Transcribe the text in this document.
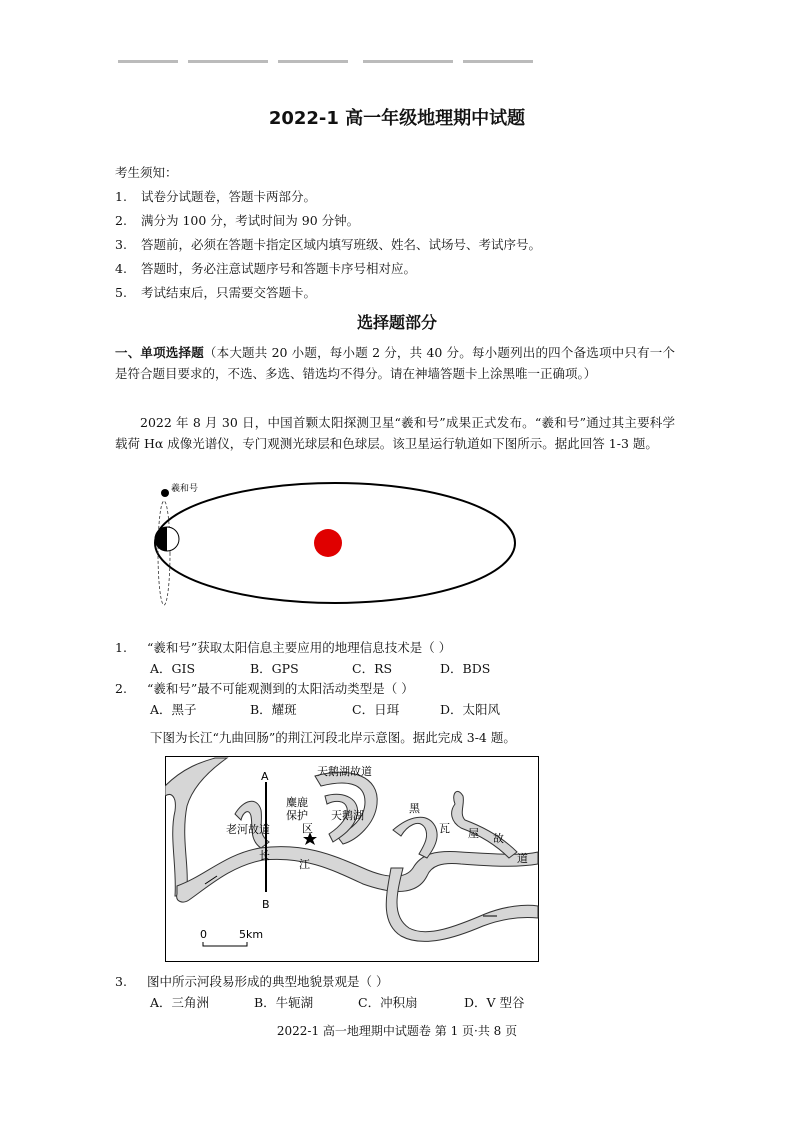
2022-1 高一年级地理期中试题
考生须知：
1. 试卷分试题卷，答题卡两部分。
2. 满分为 100 分，考试时间为 90 分钟。
3. 答题前，必须在答题卡指定区域内填写班级、姓名、试场号、考试序号。
4. 答题时，务必注意试题序号和答题卡序号相对应。
5. 考试结束后，只需要交答题卡。
选择题部分
一、单项选择题（本大题共 20 小题，每小题 2 分，共 40 分。每小题列出的四个备选项中只有一个是符合题目要求的，不选、多选、错选均不得分。请在神墙答题卡上涂黑唯一正确项。）
2022 年 8 月 30 日，中国首颗太阳探测卫星“羲和号”成果正式发布。“羲和号”通过其主要科学载荷 Hα 成像光谱仪，专门观测光球层和色球层。该卫星运行轨道如下图所示。据此回答 1-3 题。
羲和号
1. “羲和号”获取太阳信息主要应用的地理信息技术是（ ）
A．GIS	B．GPS	C．RS	D．BDS
2. “羲和号”最不可能观测到的太阳活动类型是（ ）
A．黑子	B．耀斑	C．日珥	D．太阳风
下图为长江“九曲回肠”的荆江河段北岸示意图。据此完成 3-4 题。
A
B
天鹅湖故道
麋鹿
保护
区
天鹅湖
老河故道
长
江
黑
瓦 屋 故
道
0	5km
3. 图中所示河段易形成的典型地貌景观是（ ）
A．三角洲	B．牛轭湖	C．冲积扇	D．V 型谷
2022-1 高一地理期中试题卷 第 1 页·共 8 页
